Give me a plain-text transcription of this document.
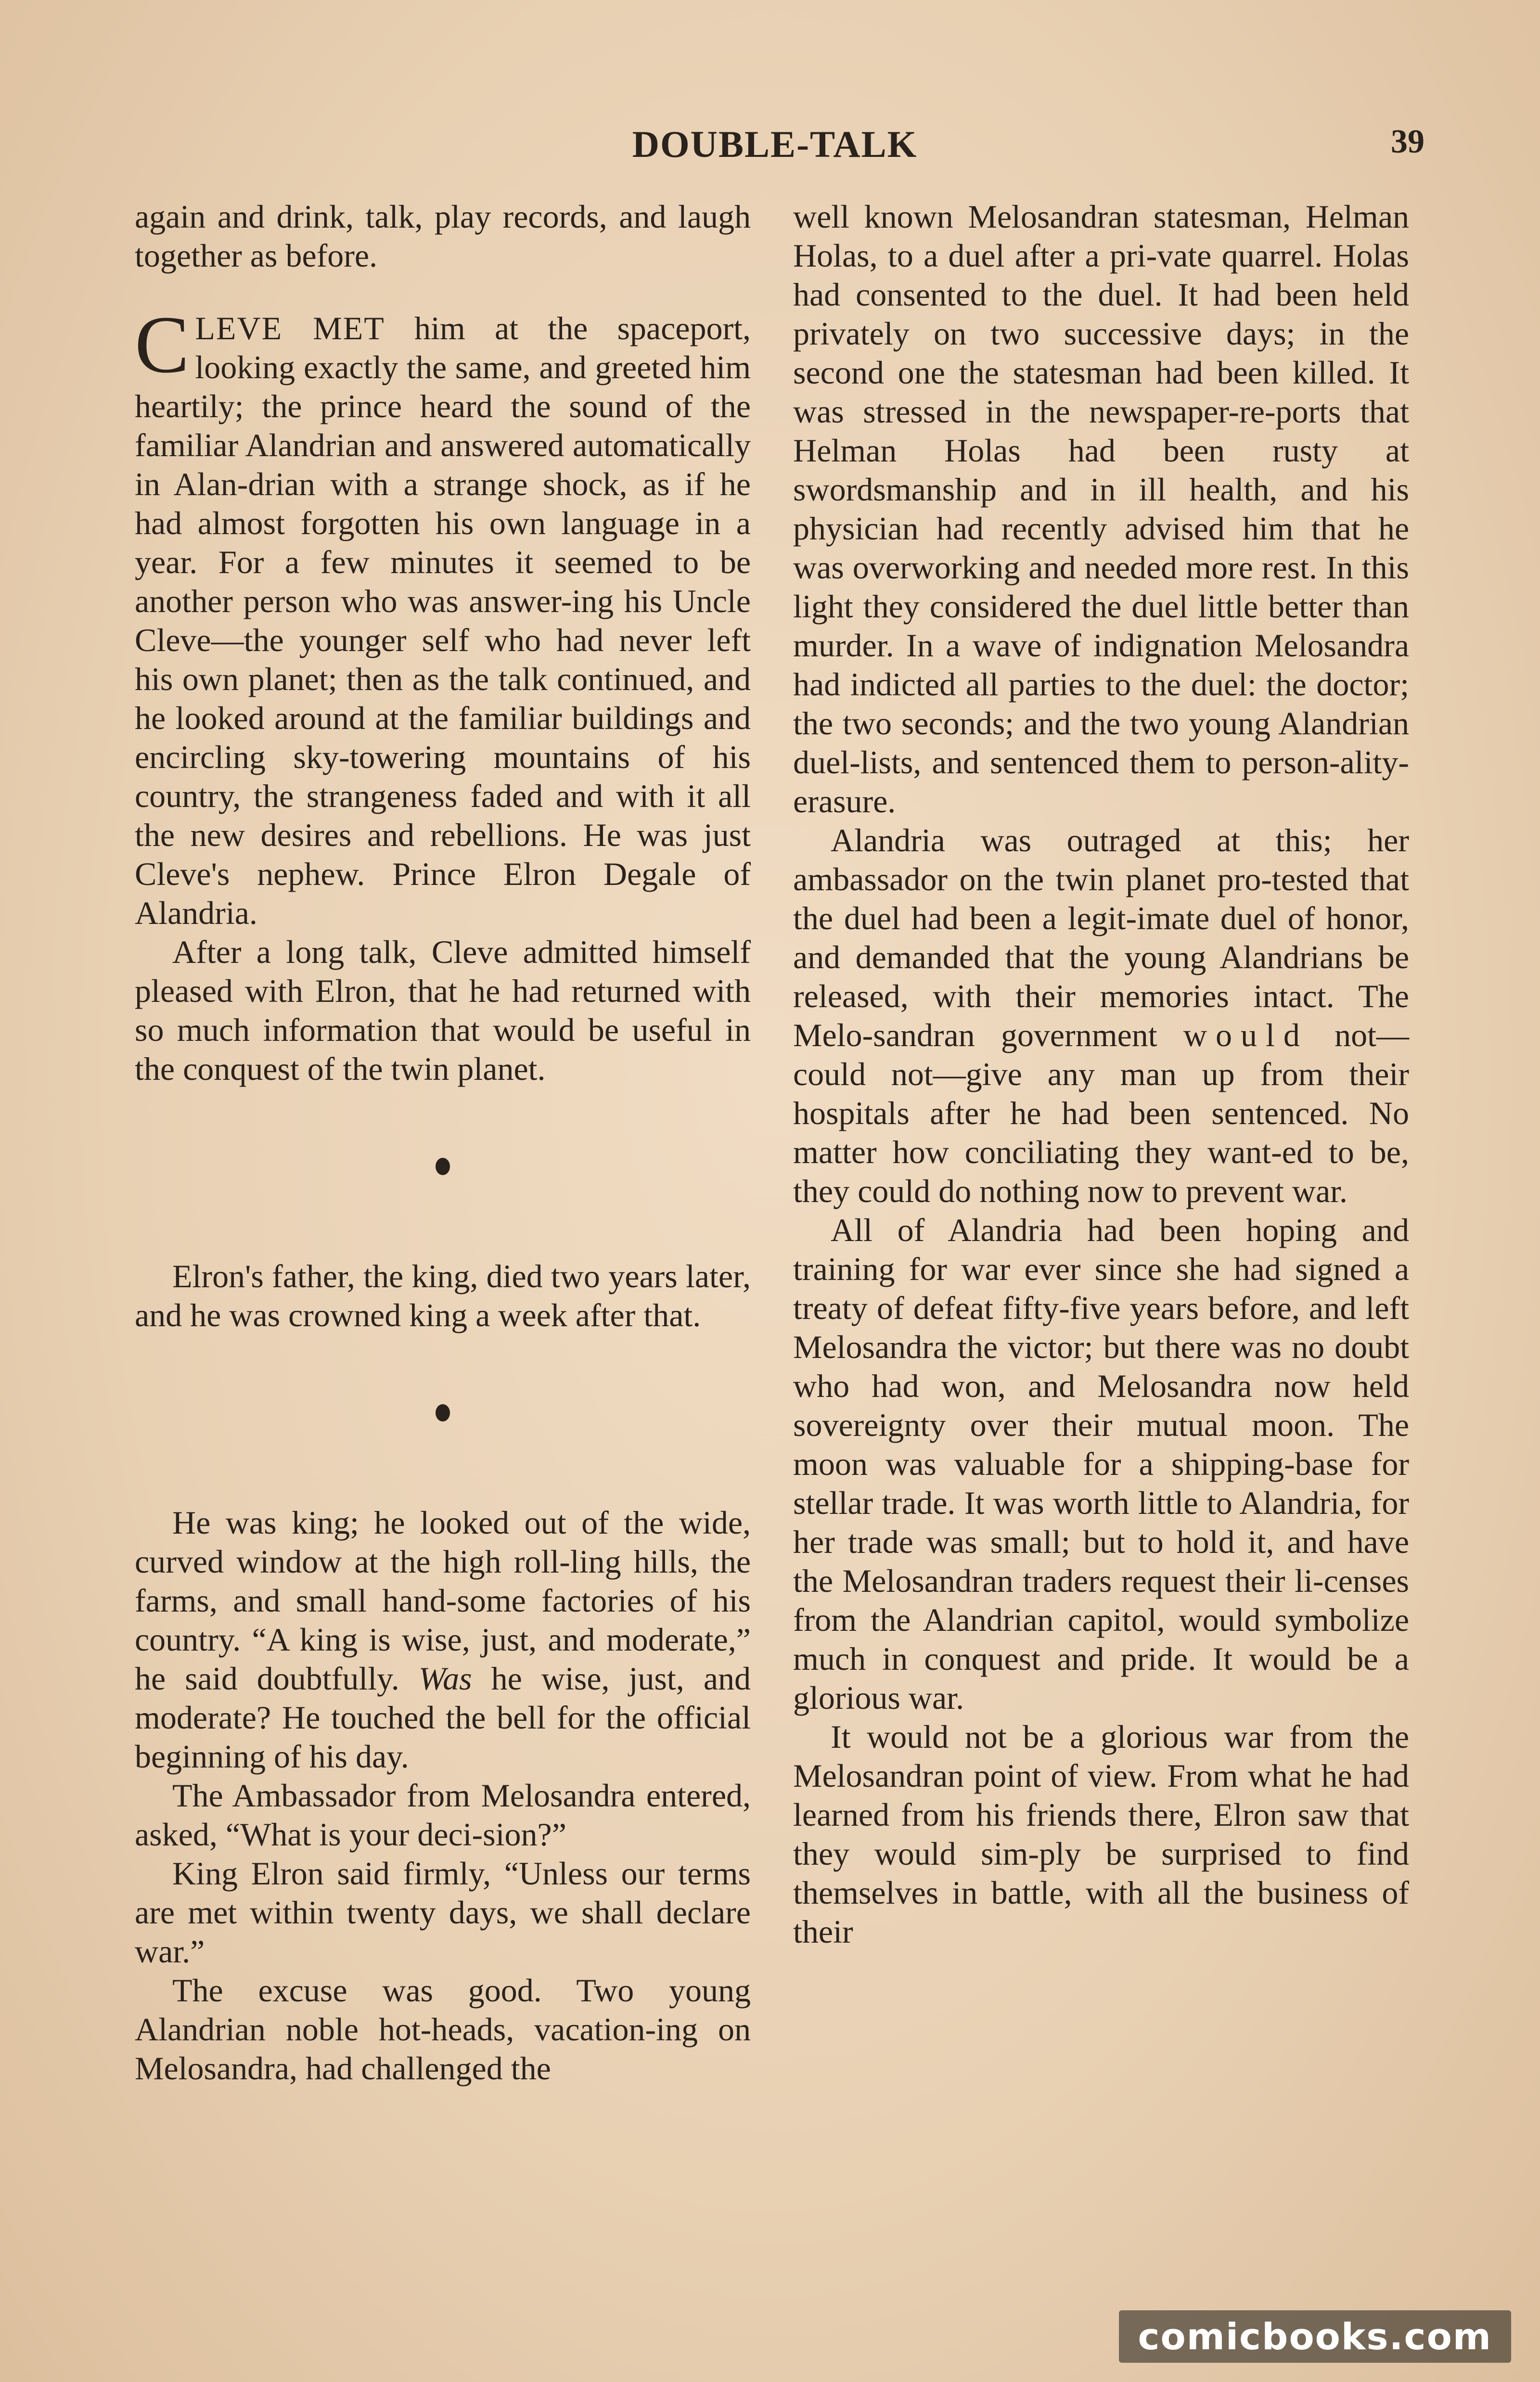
DOUBLE-TALK	39

again and drink, talk, play records, and laugh together as before.

CLEVE MET him at the spaceport, looking exactly the same, and greeted him heartily; the prince heard the sound of the familiar Alandrian and answered automatically in Alan-drian with a strange shock, as if he had almost forgotten his own language in a year. For a few minutes it seemed to be another person who was answer-ing his Uncle Cleve—the younger self who had never left his own planet; then as the talk continued, and he looked around at the familiar buildings and encircling sky-towering mountains of his country, the strangeness faded and with it all the new desires and rebellions. He was just Cleve's nephew. Prince Elron Degale of Alandria.

After a long talk, Cleve admitted himself pleased with Elron, that he had returned with so much information that would be useful in the conquest of the twin planet.

Elron's father, the king, died two years later, and he was crowned king a week after that.

He was king; he looked out of the wide, curved window at the high roll-ling hills, the farms, and small hand-some factories of his country. “A king is wise, just, and moderate,” he said doubtfully. Was he wise, just, and moderate? He touched the bell for the official beginning of his day.

The Ambassador from Melosandra entered, asked, “What is your deci-sion?”

King Elron said firmly, “Unless our terms are met within twenty days, we shall declare war.”

The excuse was good. Two young Alandrian noble hot-heads, vacation-ing on Melosandra, had challenged the

well known Melosandran statesman, Helman Holas, to a duel after a pri-vate quarrel. Holas had consented to the duel. It had been held privately on two successive days; in the second one the statesman had been killed. It was stressed in the newspaper-re-ports that Helman Holas had been rusty at swordsmanship and in ill health, and his physician had recently advised him that he was overworking and needed more rest. In this light they considered the duel little better than murder. In a wave of indignation Melosandra had indicted all parties to the duel: the doctor; the two seconds; and the two young Alandrian duel-lists, and sentenced them to person-ality-erasure.

Alandria was outraged at this; her ambassador on the twin planet pro-tested that the duel had been a legit-imate duel of honor, and demanded that the young Alandrians be released, with their memories intact. The Melo-sandran government would not—could not—give any man up from their hospitals after he had been sentenced. No matter how conciliating they want-ed to be, they could do nothing now to prevent war.

All of Alandria had been hoping and training for war ever since she had signed a treaty of defeat fifty-five years before, and left Melosandra the victor; but there was no doubt who had won, and Melosandra now held sovereignty over their mutual moon. The moon was valuable for a shipping-base for stellar trade. It was worth little to Alandria, for her trade was small; but to hold it, and have the Melosandran traders request their li-censes from the Alandrian capitol, would symbolize much in conquest and pride. It would be a glorious war.

It would not be a glorious war from the Melosandran point of view. From what he had learned from his friends there, Elron saw that they would sim-ply be surprised to find themselves in battle, with all the business of their

comicbooks.com
